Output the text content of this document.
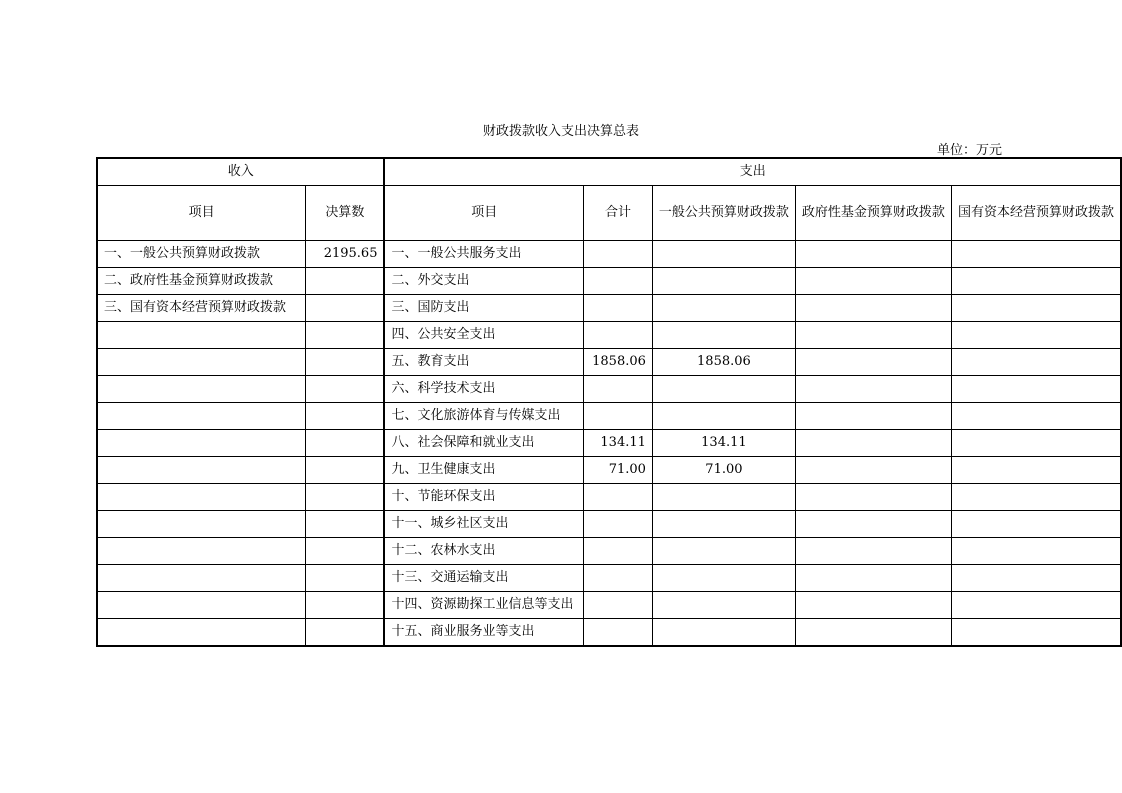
财政拨款收入支出决算总表
单位：万元
收入		支出				
项目	决算数	项目	合计	一般公共预算财政拨款	政府性基金预算财政拨款	国有资本经营预算财政拨款
一、一般公共预算财政拨款	2195.65	一、一般公共服务支出				
二、政府性基金预算财政拨款		二、外交支出				
三、国有资本经营预算财政拨款		三、国防支出				
		四、公共安全支出				
		五、教育支出	1858.06	1858.06		
		六、科学技术支出				
		七、文化旅游体育与传媒支出				
		八、社会保障和就业支出	134.11	134.11		
		九、卫生健康支出	71.00	71.00		
		十、节能环保支出				
		十一、城乡社区支出				
		十二、农林水支出				
		十三、交通运输支出				
		十四、资源勘探工业信息等支出				
		十五、商业服务业等支出				
